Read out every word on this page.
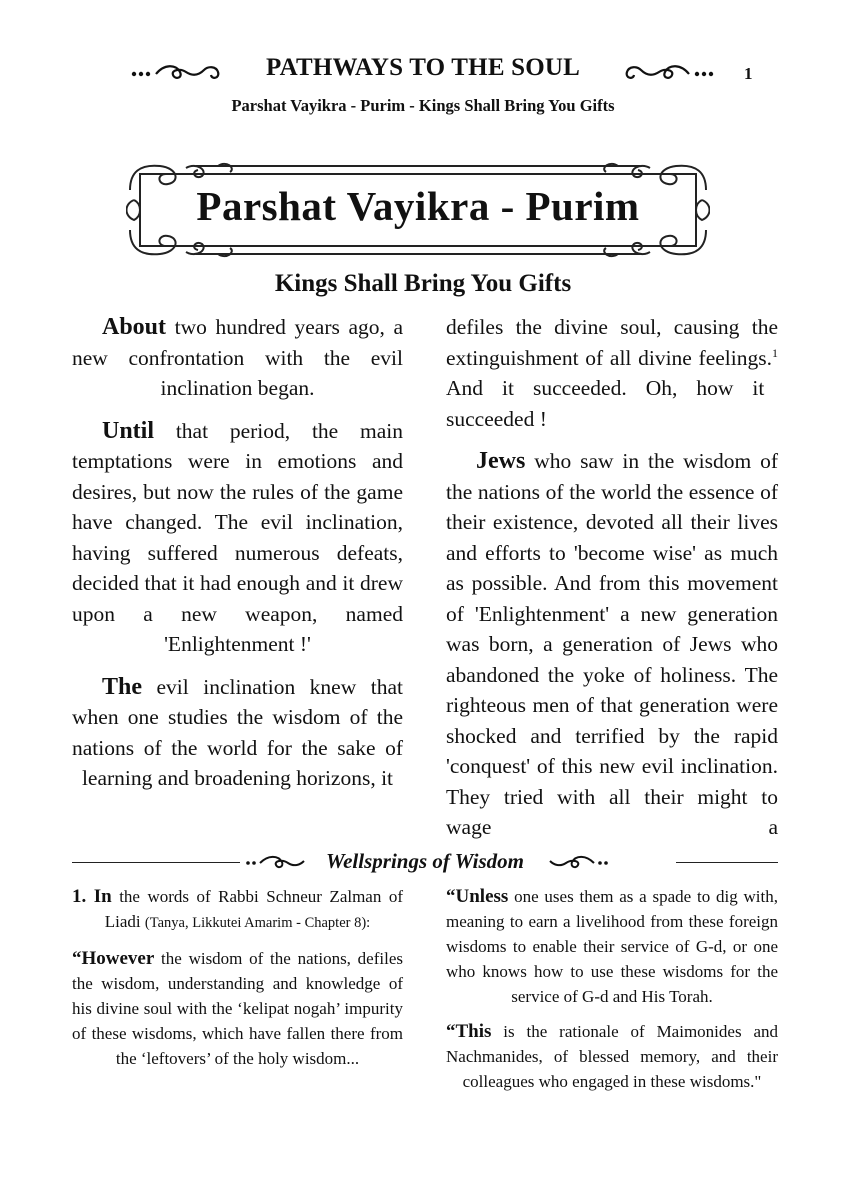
PATHWAYS TO THE SOUL	1
Parshat Vayikra - Purim - Kings Shall Bring You Gifts
Parshat Vayikra - Purim
Kings Shall Bring You Gifts

About two hundred years ago, a new confrontation with the evil inclination began.

Until that period, the main temptations were in emotions and desires, but now the rules of the game have changed. The evil inclination, having suffered numerous defeats, decided that it had enough and it drew upon a new weapon, named 'Enlightenment !'

The evil inclination knew that when one studies the wisdom of the nations of the world for the sake of learning and broadening horizons, it

defiles the divine soul, causing the extinguishment of all divine feelings.$^1$ And it succeeded. Oh, how it succeeded !

Jews who saw in the wisdom of the nations of the world the essence of their existence, devoted all their lives and efforts to 'become wise' as much as possible. And from this movement of 'Enlightenment' a new generation was born, a generation of Jews who abandoned the yoke of holiness. The righteous men of that generation were shocked and terrified by the rapid 'conquest' of this new evil inclination. They tried with all their might to wage a

Wellsprings of Wisdom

1. In the words of Rabbi Schneur Zalman of Liadi (Tanya, Likkutei Amarim - Chapter 8):

“However the wisdom of the nations, defiles the wisdom, understanding and knowledge of his divine soul with the ‘kelipat nogah’ impurity of these wisdoms, which have fallen there from the ‘leftovers’ of the holy wisdom...

“Unless one uses them as a spade to dig with, meaning to earn a livelihood from these foreign wisdoms to enable their service of G-d, or one who knows how to use these wisdoms for the service of G-d and His Torah.

“This is the rationale of Maimonides and Nachmanides, of blessed memory, and their colleagues who engaged in these wisdoms."
